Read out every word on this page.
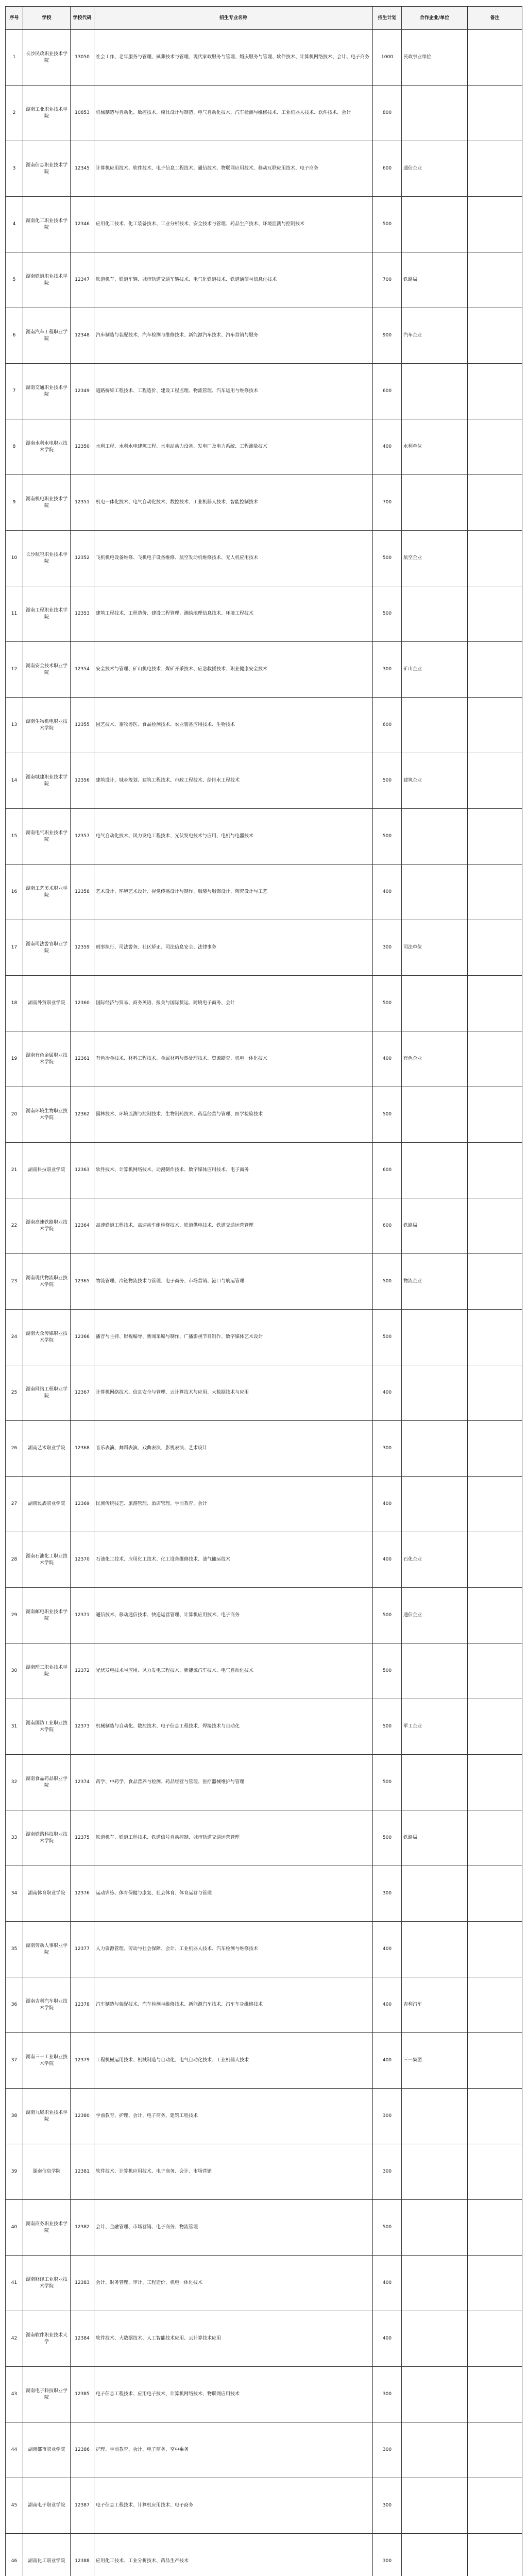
序号	学校	学校代码	招生专业名称	招生计划	合作企业/单位	备注
1	长沙民政职业技术学院	13050	社会工作、老年服务与管理、殡葬技术与管理、现代家政服务与管理、婚庆服务与管理、软件技术、计算机网络技术、会计、电子商务	1000	民政事业单位	
2	湖南工业职业技术学院	10853	机械制造与自动化、数控技术、模具设计与制造、电气自动化技术、汽车检测与维修技术、工业机器人技术、软件技术、会计	800		
3	湖南信息职业技术学院	12345	计算机应用技术、软件技术、电子信息工程技术、通信技术、物联网应用技术、移动互联应用技术、电子商务	600	通信企业	
4	湖南化工职业技术学院	12346	应用化工技术、化工装备技术、工业分析技术、安全技术与管理、药品生产技术、环境监测与控制技术	500		
5	湖南铁道职业技术学院	12347	铁道机车、铁道车辆、城市轨道交通车辆技术、电气化铁道技术、铁道通信与信息化技术	700	铁路局	
6	湖南汽车工程职业学院	12348	汽车制造与装配技术、汽车检测与维修技术、新能源汽车技术、汽车营销与服务	900	汽车企业	
7	湖南交通职业技术学院	12349	道路桥梁工程技术、工程造价、建设工程监理、物流管理、汽车运用与维修技术	600		
8	湖南水利水电职业技术学院	12350	水利工程、水利水电建筑工程、水电站动力设备、发电厂及电力系统、工程测量技术	400	水利单位	
9	湖南机电职业技术学院	12351	机电一体化技术、电气自动化技术、数控技术、工业机器人技术、智能控制技术	700		
10	长沙航空职业技术学院	12352	飞机机电设备维修、飞机电子设备维修、航空发动机维修技术、无人机应用技术	500	航空企业	
11	湖南工程职业技术学院	12353	建筑工程技术、工程造价、建设工程管理、测绘地理信息技术、环境工程技术	500		
12	湖南安全技术职业学院	12354	安全技术与管理、矿山机电技术、煤矿开采技术、应急救援技术、职业健康安全技术	300	矿山企业	
13	湖南生物机电职业技术学院	12355	园艺技术、畜牧兽医、食品检测技术、农业装备应用技术、生物技术	600		
14	湖南城建职业技术学院	12356	建筑设计、城乡规划、建筑工程技术、市政工程技术、给排水工程技术	500	建筑企业	
15	湖南电气职业技术学院	12357	电气自动化技术、风力发电工程技术、光伏发电技术与应用、电机与电器技术	500		
16	湖南工艺美术职业学院	12358	艺术设计、环境艺术设计、视觉传播设计与制作、服装与服饰设计、陶瓷设计与工艺	400		
17	湖南司法警官职业学院	12359	刑事执行、司法警务、社区矫正、司法信息安全、法律事务	300	司法单位	
18	湖南外贸职业学院	12360	国际经济与贸易、商务英语、报关与国际货运、跨境电子商务、会计	500		
19	湖南有色金属职业技术学院	12361	有色冶金技术、材料工程技术、金属材料与热处理技术、资源勘查、机电一体化技术	400	有色企业	
20	湖南环境生物职业技术学院	12362	园林技术、环境监测与控制技术、生物制药技术、药品经营与管理、医学检验技术	500		
21	湖南科技职业学院	12363	软件技术、计算机网络技术、动漫制作技术、数字媒体应用技术、电子商务	600		
22	湖南高速铁路职业技术学院	12364	高速铁道工程技术、高速动车组检修技术、铁道供电技术、铁道交通运营管理	600	铁路局	
23	湖南现代物流职业技术学院	12365	物流管理、冷链物流技术与管理、电子商务、市场营销、港口与航运管理	500	物流企业	
24	湖南大众传媒职业技术学院	12366	播音与主持、影视编导、新闻采编与制作、广播影视节目制作、数字媒体艺术设计	500		
25	湖南网络工程职业学院	12367	计算机网络技术、信息安全与管理、云计算技术与应用、大数据技术与应用	400		
26	湖南艺术职业学院	12368	音乐表演、舞蹈表演、戏曲表演、影视表演、艺术设计	300		
27	湖南民族职业学院	12369	民族传统技艺、旅游管理、酒店管理、学前教育、会计	400		
28	湖南石油化工职业技术学院	12370	石油化工技术、应用化工技术、化工设备维修技术、油气储运技术	400	石化企业	
29	湖南邮电职业技术学院	12371	通信技术、移动通信技术、快递运营管理、计算机应用技术、电子商务	500	通信企业	
30	湖南理工职业技术学院	12372	光伏发电技术与应用、风力发电工程技术、新能源汽车技术、电气自动化技术	500		
31	湖南国防工业职业技术学院	12373	机械制造与自动化、数控技术、电子信息工程技术、焊接技术与自动化	500	军工企业	
32	湖南食品药品职业学院	12374	药学、中药学、食品营养与检测、药品经营与管理、医疗器械维护与管理	500		
33	湖南铁路科技职业技术学院	12375	铁道机车、铁道工程技术、铁道信号自动控制、城市轨道交通运营管理	500	铁路局	
34	湖南体育职业学院	12376	运动训练、体育保健与康复、社会体育、体育运营与管理	300		
35	湖南劳动人事职业学院	12377	人力资源管理、劳动与社会保障、会计、工业机器人技术、汽车检测与维修技术	400		
36	湖南吉利汽车职业技术学院	12378	汽车制造与装配技术、汽车检测与维修技术、新能源汽车技术、汽车车身维修技术	400	吉利汽车	
37	湖南三一工业职业技术学院	12379	工程机械运用技术、机械制造与自动化、电气自动化技术、工业机器人技术	400	三一集团	
38	湖南九嶷职业技术学院	12380	学前教育、护理、会计、电子商务、建筑工程技术	300		
39	湖南信息学院	12381	软件技术、计算机应用技术、电子商务、会计、市场营销	300		
40	湖南商务职业技术学院	12382	会计、金融管理、市场营销、电子商务、物流管理	500		
41	湖南财经工业职业技术学院	12383	会计、财务管理、审计、工程造价、机电一体化技术	400		
42	湖南软件职业技术大学	12384	软件技术、大数据技术、人工智能技术应用、云计算技术应用	400		
43	湖南电子科技职业学院	12385	电子信息工程技术、应用电子技术、计算机网络技术、物联网应用技术	300		
44	湖南都市职业学院	12386	护理、学前教育、会计、电子商务、空中乘务	300		
45	湖南电子职业学院	12387	电子信息工程技术、计算机应用技术、电子商务	300		
46	湖南化工职业学院	12388	应用化工技术、工业分析技术、药品生产技术	300		
